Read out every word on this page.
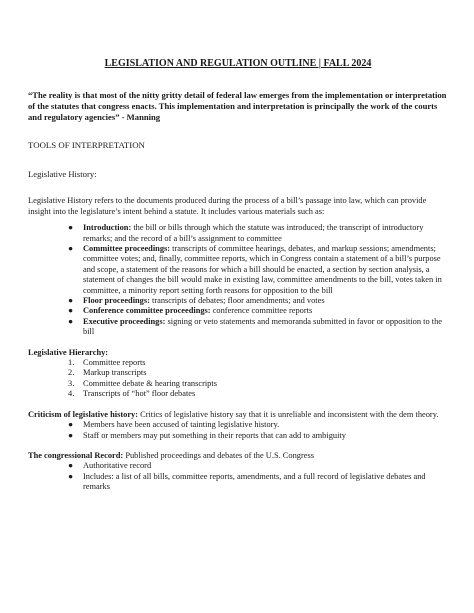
LEGISLATION AND REGULATION OUTLINE | FALL 2024
“The reality is that most of the nitty gritty detail of federal law emerges from the implementation or interpretation of the statutes that congress enacts. This implementation and interpretation is principally the work of the courts and regulatory agencies” - Manning
TOOLS OF INTERPRETATION
Legislative History:
Legislative History refers to the documents produced during the process of a bill’s passage into law, which can provide insight into the legislature’s intent behind a statute. It includes various materials such as:
● Introduction: the bill or bills through which the statute was introduced; the transcript of introductory remarks; and the record of a bill’s assignment to committee
● Committee proceedings: transcripts of committee hearings, debates, and markup sessions; amendments; committee votes; and, finally, committee reports, which in Congress contain a statement of a bill’s purpose and scope, a statement of the reasons for which a bill should be enacted, a section by section analysis, a statement of changes the bill would make in existing law, committee amendments to the bill, votes taken in committee, a minority report setting forth reasons for opposition to the bill
● Floor proceedings: transcripts of debates; floor amendments; and votes
● Conference committee proceedings: conference committee reports
● Executive proceedings: signing or veto statements and memoranda submitted in favor or opposition to the bill
Legislative Hierarchy:
1. Committee reports
2. Markup transcripts
3. Committee debate & hearing transcripts
4. Transcripts of “hot” floor debates
Criticism of legislative history: Critics of legislative history say that it is unreliable and inconsistent with the dem theory.
● Members have been accused of tainting legislative history.
● Staff or members may put something in their reports that can add to ambiguity
The congressional Record: Published proceedings and debates of the U.S. Congress
● Authoritative record
● Includes: a list of all bills, committee reports, amendments, and a full record of legislative debates and remarks
